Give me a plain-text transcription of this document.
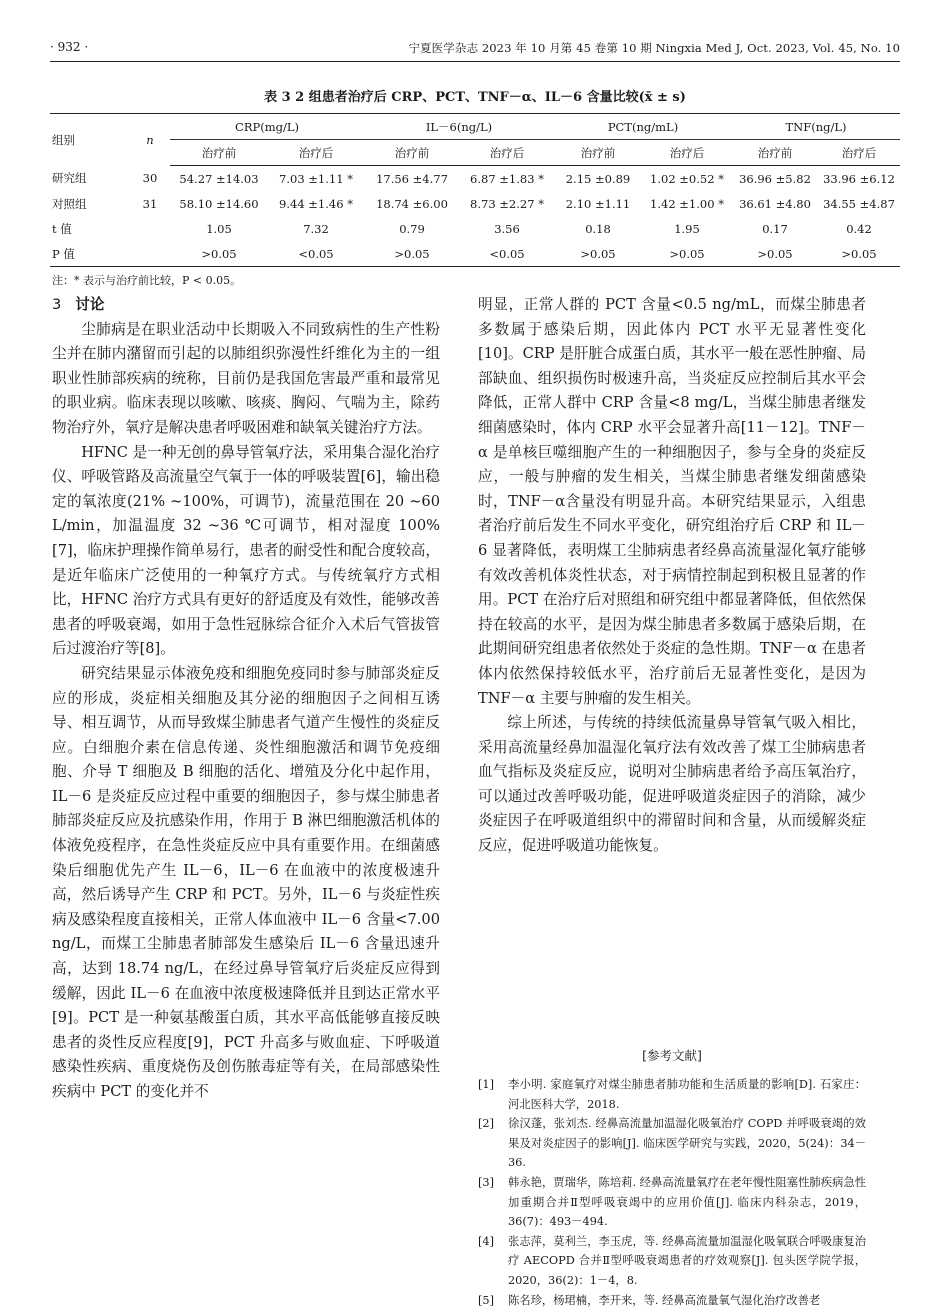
· 932 ·	宁夏医学杂志 2023 年 10 月第 45 卷第 10 期 Ningxia Med J, Oct. 2023, Vol. 45, No. 10
表 3 2 组患者治疗后 CRP、PCT、TNF－α、IL－6 含量比较(x̄ ± s)
组别	n	CRP(mg/L)		IL－6(ng/L)		PCT(ng/mL)		TNF(ng/L)	
		治疗前	治疗后	治疗前	治疗后	治疗前	治疗后	治疗前	治疗后
研究组	30	54.27 ±14.03	7.03 ±1.11 *	17.56 ±4.77	6.87 ±1.83 *	2.15 ±0.89	1.02 ±0.52 *	36.96 ±5.82	33.96 ±6.12
对照组	31	58.10 ±14.60	9.44 ±1.46 *	18.74 ±6.00	8.73 ±2.27 *	2.10 ±1.11	1.42 ±1.00 *	36.61 ±4.80	34.55 ±4.87
t 值		1.05	7.32	0.79	3.56	0.18	1.95	0.17	0.42
P 值		>0.05	<0.05	>0.05	<0.05	>0.05	>0.05	>0.05	>0.05
注：* 表示与治疗前比较，P < 0.05。
3 讨论

尘肺病是在职业活动中长期吸入不同致病性的生产性粉尘并在肺内潴留而引起的以肺组织弥漫性纤维化为主的一组职业性肺部疾病的统称，目前仍是我国危害最严重和最常见的职业病。临床表现以咳嗽、咳痰、胸闷、气喘为主，除药物治疗外，氧疗是解决患者呼吸困难和缺氧关键治疗方法。

HFNC 是一种无创的鼻导管氧疗法，采用集合湿化治疗仪、呼吸管路及高流量空气氧于一体的呼吸装置[6]，输出稳定的氧浓度(21% ~100%，可调节)，流量范围在 20 ~60 L/min，加温温度 32 ~36 ℃可调节，相对湿度 100%[7]，临床护理操作简单易行，患者的耐受性和配合度较高，是近年临床广泛使用的一种氧疗方式。与传统氧疗方式相比，HFNC 治疗方式具有更好的舒适度及有效性，能够改善患者的呼吸衰竭，如用于急性冠脉综合征介入术后气管拔管后过渡治疗等[8]。

研究结果显示体液免疫和细胞免疫同时参与肺部炎症反应的形成，炎症相关细胞及其分泌的细胞因子之间相互诱导、相互调节，从而导致煤尘肺患者气道产生慢性的炎症反应。白细胞介素在信息传递、炎性细胞激活和调节免疫细胞、介导 T 细胞及 B 细胞的活化、增殖及分化中起作用，IL－6 是炎症反应过程中重要的细胞因子，参与煤尘肺患者肺部炎症反应及抗感染作用，作用于 B 淋巴细胞激活机体的体液免疫程序，在急性炎症反应中具有重要作用。在细菌感染后细胞优先产生 IL－6，IL－6 在血液中的浓度极速升高，然后诱导产生 CRP 和 PCT。另外，IL－6 与炎症性疾病及感染程度直接相关，正常人体血液中 IL－6 含量<7.00 ng/L，而煤工尘肺患者肺部发生感染后 IL－6 含量迅速升高，达到 18.74 ng/L，在经过鼻导管氧疗后炎症反应得到缓解，因此 IL－6 在血液中浓度极速降低并且到达正常水平[9]。PCT 是一种氨基酸蛋白质，其水平高低能够直接反映患者的炎性反应程度[9]，PCT 升高多与败血症、下呼吸道感染性疾病、重度烧伤及创伤脓毒症等有关，在局部感染性疾病中 PCT 的变化并不

明显，正常人群的 PCT 含量<0.5 ng/mL，而煤尘肺患者多数属于感染后期，因此体内 PCT 水平无显著性变化[10]。CRP 是肝脏合成蛋白质，其水平一般在恶性肿瘤、局部缺血、组织损伤时极速升高，当炎症反应控制后其水平会降低，正常人群中 CRP 含量<8 mg/L，当煤尘肺患者继发细菌感染时，体内 CRP 水平会显著升高[11－12]。TNF－α 是单核巨噬细胞产生的一种细胞因子，参与全身的炎症反应，一般与肿瘤的发生相关，当煤尘肺患者继发细菌感染时，TNF－α含量没有明显升高。本研究结果显示，入组患者治疗前后发生不同水平变化，研究组治疗后 CRP 和 IL－6 显著降低，表明煤工尘肺病患者经鼻高流量湿化氧疗能够有效改善机体炎性状态，对于病情控制起到积极且显著的作用。PCT 在治疗后对照组和研究组中都显著降低，但依然保持在较高的水平，是因为煤尘肺患者多数属于感染后期，在此期间研究组患者依然处于炎症的急性期。TNF－α 在患者体内依然保持较低水平，治疗前后无显著性变化，是因为 TNF－α 主要与肿瘤的发生相关。

综上所述，与传统的持续低流量鼻导管氧气吸入相比，采用高流量经鼻加温湿化氧疗法有效改善了煤工尘肺病患者血气指标及炎症反应，说明对尘肺病患者给予高压氧治疗，可以通过改善呼吸功能，促进呼吸道炎症因子的消除，减少炎症因子在呼吸道组织中的滞留时间和含量，从而缓解炎症反应，促进呼吸道功能恢复。

[参考文献]
[1]	李小明. 家庭氧疗对煤尘肺患者肺功能和生活质量的影响[D]. 石家庄：河北医科大学，2018.
[2]	徐汉蓬，张刘杰. 经鼻高流量加温湿化吸氧治疗 COPD 并呼吸衰竭的效果及对炎症因子的影响[J]. 临床医学研究与实践，2020，5(24)：34－36.
[3]	韩永艳，贾瑞华，陈培莉. 经鼻高流量氧疗在老年慢性阻塞性肺疾病急性加重期合并Ⅱ型呼吸衰竭中的应用价值[J]. 临床内科杂志，2019，36(7)：493－494.
[4]	张志萍，莫利兰，李玉虎，等. 经鼻高流量加温湿化吸氧联合呼吸康复治疗 AECOPD 合并Ⅱ型呼吸衰竭患者的疗效观察[J]. 包头医学院学报，2020，36(2)：1－4，8.
[5]	陈名珍，杨珺楠，李开来，等. 经鼻高流量氧气湿化治疗改善老
